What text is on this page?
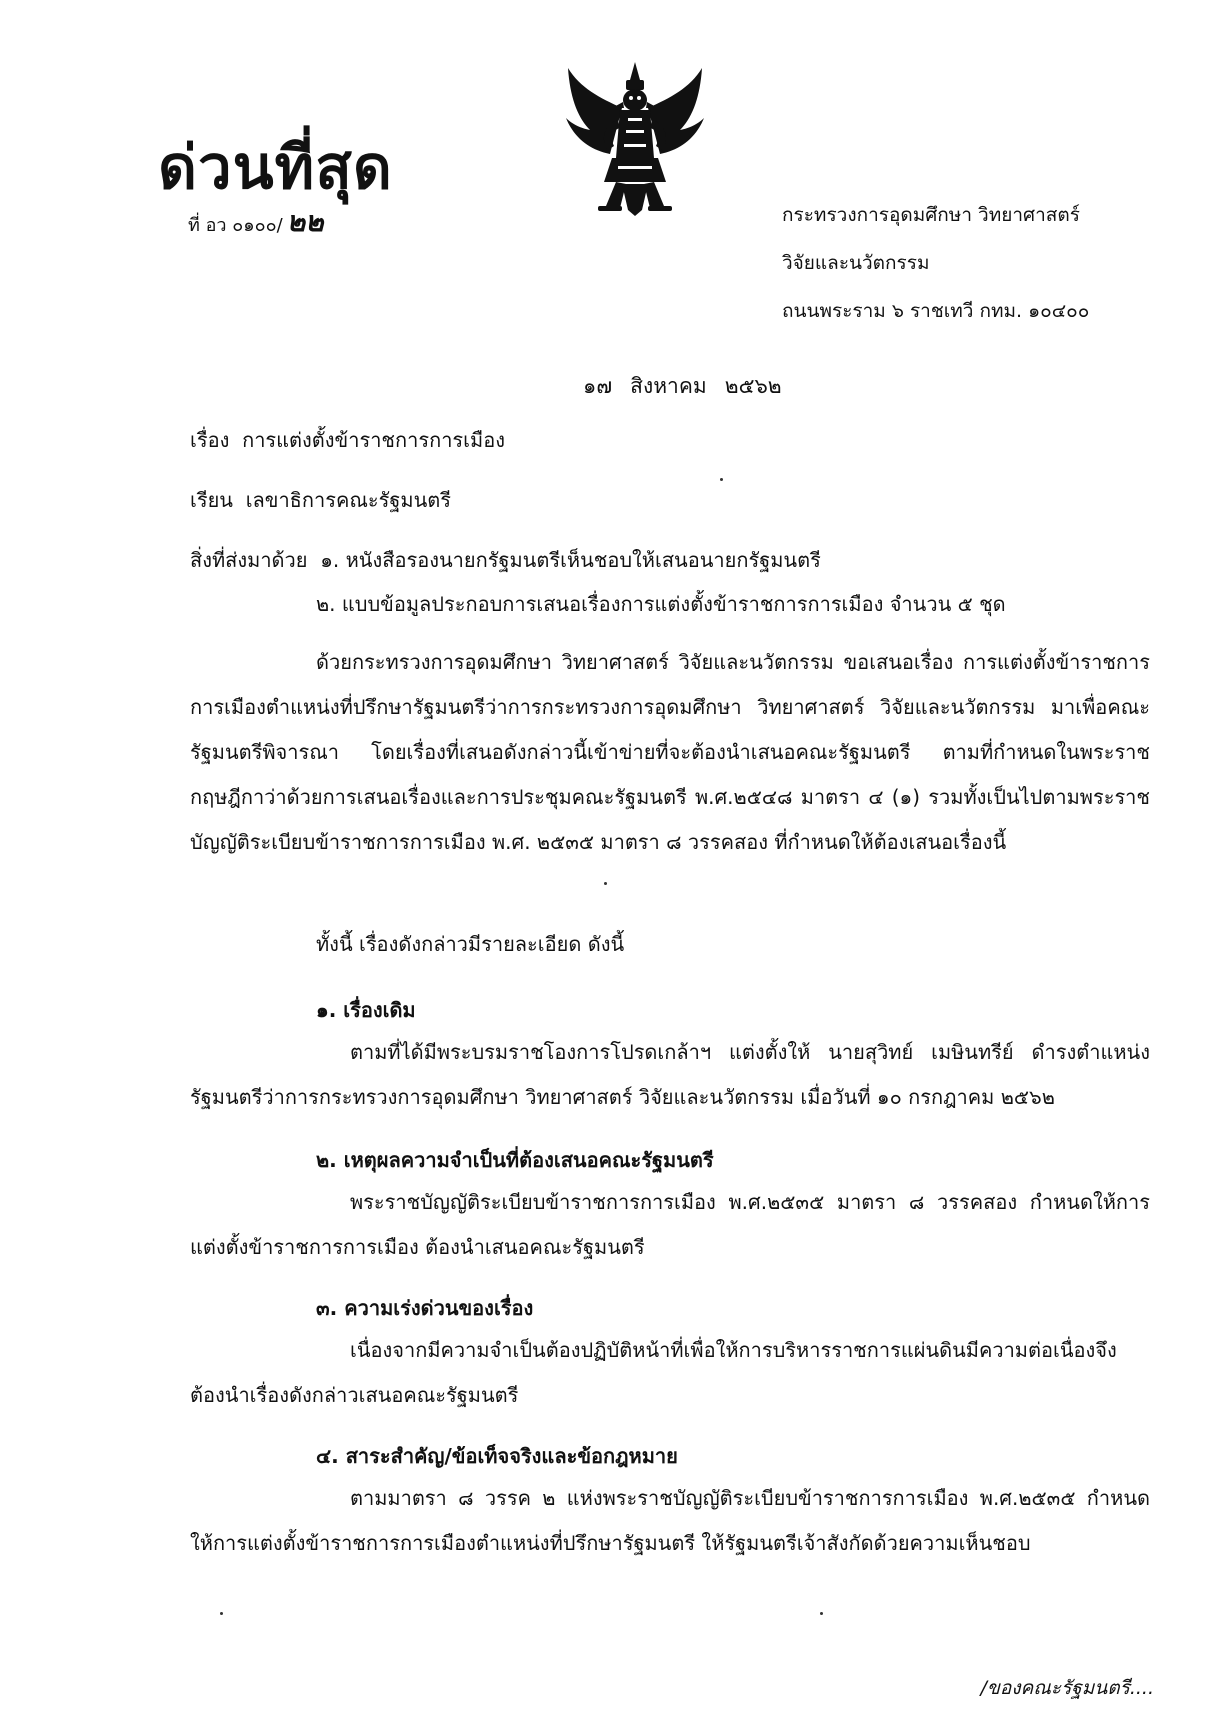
ด่วนที่สุด
ที่ อว ๐๑๐๐/ ๒๒	กระทรวงการอุดมศึกษา วิทยาศาสตร์
วิจัยและนวัตกรรม
ถนนพระราม ๖ ราชเทวี กทม. ๑๐๔๐๐
๑๗ สิงหาคม ๒๕๖๒
เรื่อง การแต่งตั้งข้าราชการการเมือง
เรียน เลขาธิการคณะรัฐมนตรี
สิ่งที่ส่งมาด้วย ๑. หนังสือรองนายกรัฐมนตรีเห็นชอบให้เสนอนายกรัฐมนตรี
๒. แบบข้อมูลประกอบการเสนอเรื่องการแต่งตั้งข้าราชการการเมือง จำนวน ๕ ชุด

ด้วยกระทรวงการอุดมศึกษา วิทยาศาสตร์ วิจัยและนวัตกรรม ขอเสนอเรื่อง การแต่งตั้งข้าราชการการเมืองตำแหน่งที่ปรึกษารัฐมนตรีว่าการกระทรวงการอุดมศึกษา วิทยาศาสตร์ วิจัยและนวัตกรรม มาเพื่อคณะรัฐมนตรีพิจารณา โดยเรื่องที่เสนอดังกล่าวนี้เข้าข่ายที่จะต้องนำเสนอคณะรัฐมนตรี ตามที่กำหนดในพระราชกฤษฎีกาว่าด้วยการเสนอเรื่องและการประชุมคณะรัฐมนตรี พ.ศ.๒๕๔๘ มาตรา ๔ (๑) รวมทั้งเป็นไปตามพระราชบัญญัติระเบียบข้าราชการการเมือง พ.ศ. ๒๕๓๕ มาตรา ๘ วรรคสอง ที่กำหนดให้ต้องเสนอเรื่องนี้

ทั้งนี้ เรื่องดังกล่าวมีรายละเอียด ดังนี้
๑. เรื่องเดิม

ตามที่ได้มีพระบรมราชโองการโปรดเกล้าฯ แต่งตั้งให้ นายสุวิทย์ เมษินทรีย์ ดำรงตำแหน่งรัฐมนตรีว่าการกระทรวงการอุดมศึกษา วิทยาศาสตร์ วิจัยและนวัตกรรม เมื่อวันที่ ๑๐ กรกฎาคม ๒๕๖๒

๒. เหตุผลความจำเป็นที่ต้องเสนอคณะรัฐมนตรี

พระราชบัญญัติระเบียบข้าราชการการเมือง พ.ศ.๒๕๓๕ มาตรา ๘ วรรคสอง กำหนดให้การแต่งตั้งข้าราชการการเมือง ต้องนำเสนอคณะรัฐมนตรี

๓. ความเร่งด่วนของเรื่อง

เนื่องจากมีความจำเป็นต้องปฏิบัติหน้าที่เพื่อให้การบริหารราชการแผ่นดินมีความต่อเนื่องจึงต้องนำเรื่องดังกล่าวเสนอคณะรัฐมนตรี

๔. สาระสำคัญ/ข้อเท็จจริงและข้อกฎหมาย

ตามมาตรา ๘ วรรค ๒ แห่งพระราชบัญญัติระเบียบข้าราชการการเมือง พ.ศ.๒๕๓๕ กำหนดให้การแต่งตั้งข้าราชการการเมืองตำแหน่งที่ปรึกษารัฐมนตรี ให้รัฐมนตรีเจ้าสังกัดด้วยความเห็นชอบ

/ของคณะรัฐมนตรี....
